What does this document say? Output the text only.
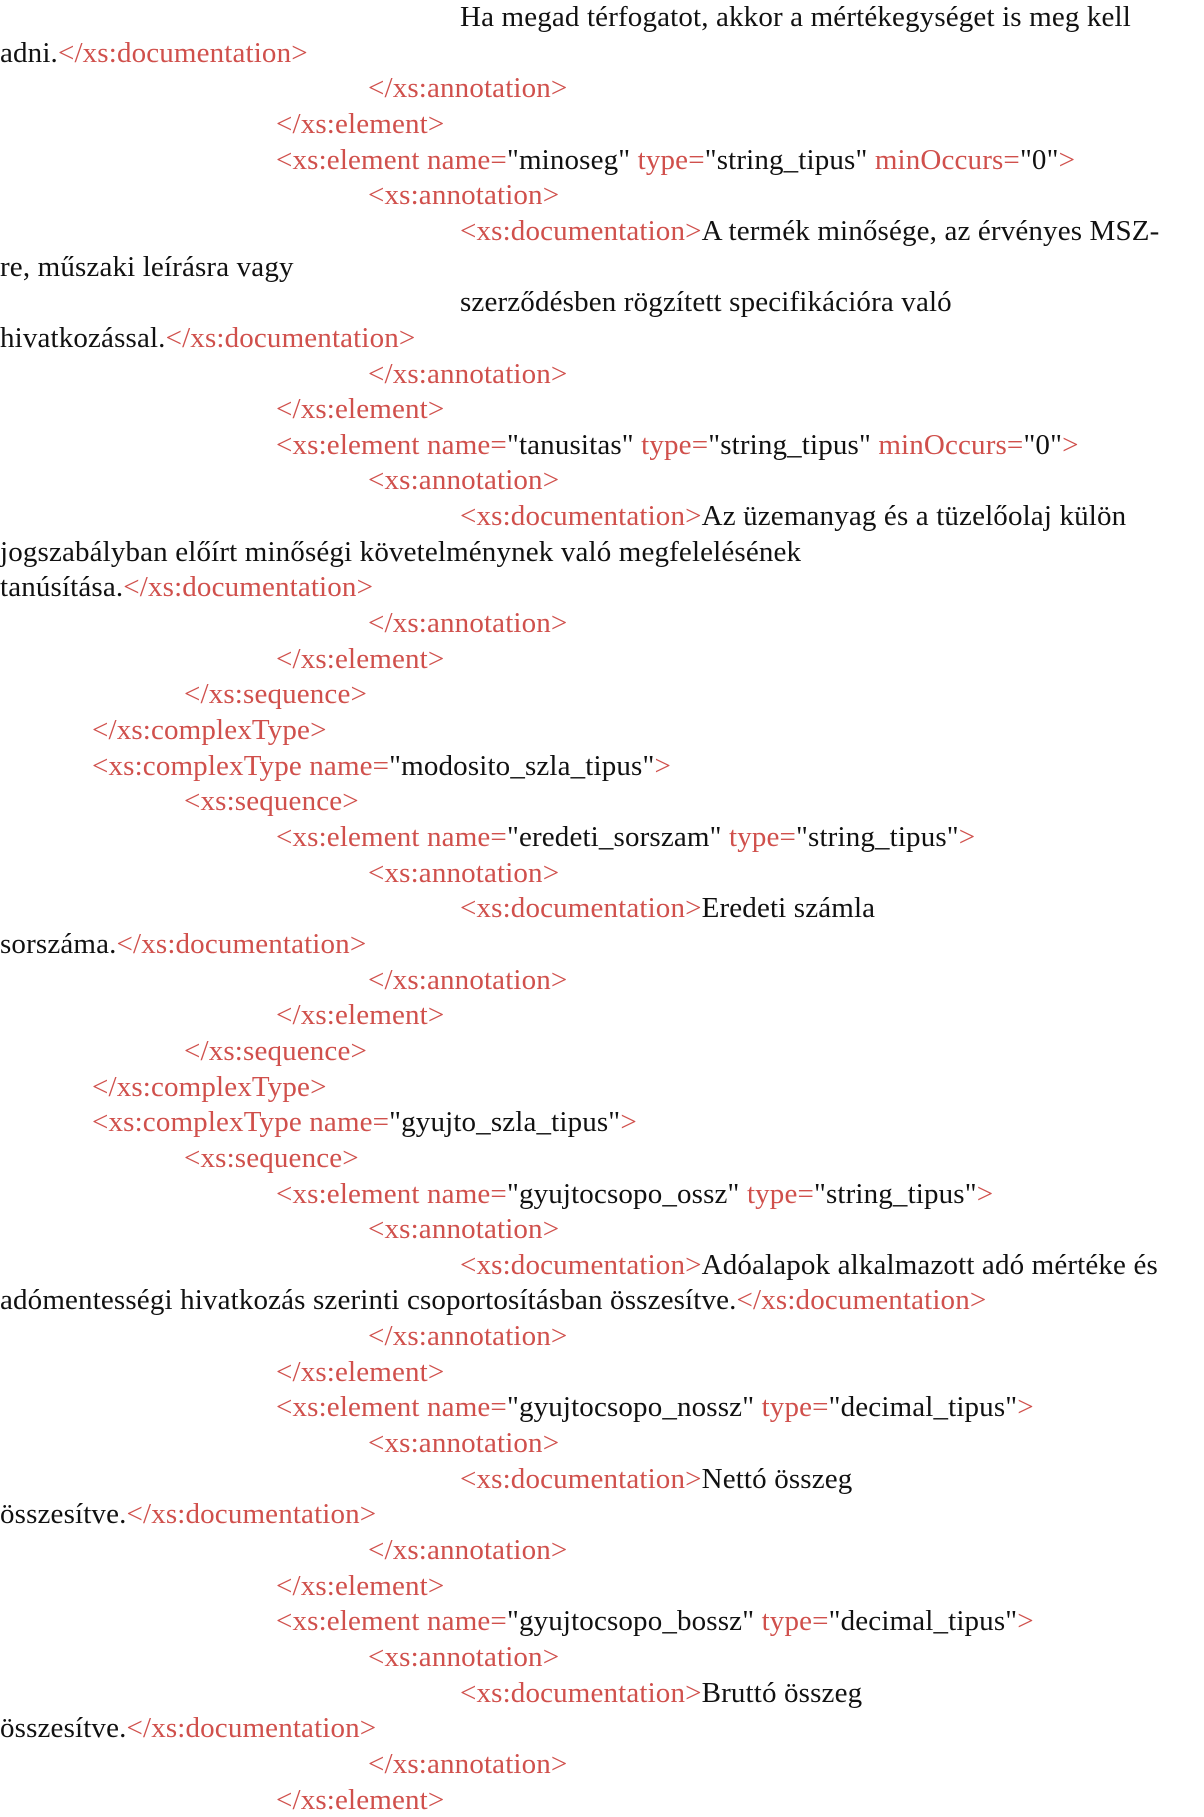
Ha megad térfogatot, akkor a mértékegységet is meg kell
adni.</xs:documentation>
</xs:annotation>
</xs:element>
<xs:element name="minoseg" type="string_tipus" minOccurs="0">
<xs:annotation>
<xs:documentation>A termék minősége, az érvényes MSZ-
re, műszaki leírásra vagy
szerződésben rögzített specifikációra való
hivatkozással.</xs:documentation>
</xs:annotation>
</xs:element>
<xs:element name="tanusitas" type="string_tipus" minOccurs="0">
<xs:annotation>
<xs:documentation>Az üzemanyag és a tüzelőolaj külön
jogszabályban előírt minőségi követelménynek való megfelelésének
tanúsítása.</xs:documentation>
</xs:annotation>
</xs:element>
</xs:sequence>
</xs:complexType>
<xs:complexType name="modosito_szla_tipus">
<xs:sequence>
<xs:element name="eredeti_sorszam" type="string_tipus">
<xs:annotation>
<xs:documentation>Eredeti számla
sorszáma.</xs:documentation>
</xs:annotation>
</xs:element>
</xs:sequence>
</xs:complexType>
<xs:complexType name="gyujto_szla_tipus">
<xs:sequence>
<xs:element name="gyujtocsopo_ossz" type="string_tipus">
<xs:annotation>
<xs:documentation>Adóalapok alkalmazott adó mértéke és
adómentességi hivatkozás szerinti csoportosításban összesítve.</xs:documentation>
</xs:annotation>
</xs:element>
<xs:element name="gyujtocsopo_nossz" type="decimal_tipus">
<xs:annotation>
<xs:documentation>Nettó összeg
összesítve.</xs:documentation>
</xs:annotation>
</xs:element>
<xs:element name="gyujtocsopo_bossz" type="decimal_tipus">
<xs:annotation>
<xs:documentation>Bruttó összeg
összesítve.</xs:documentation>
</xs:annotation>
</xs:element>
